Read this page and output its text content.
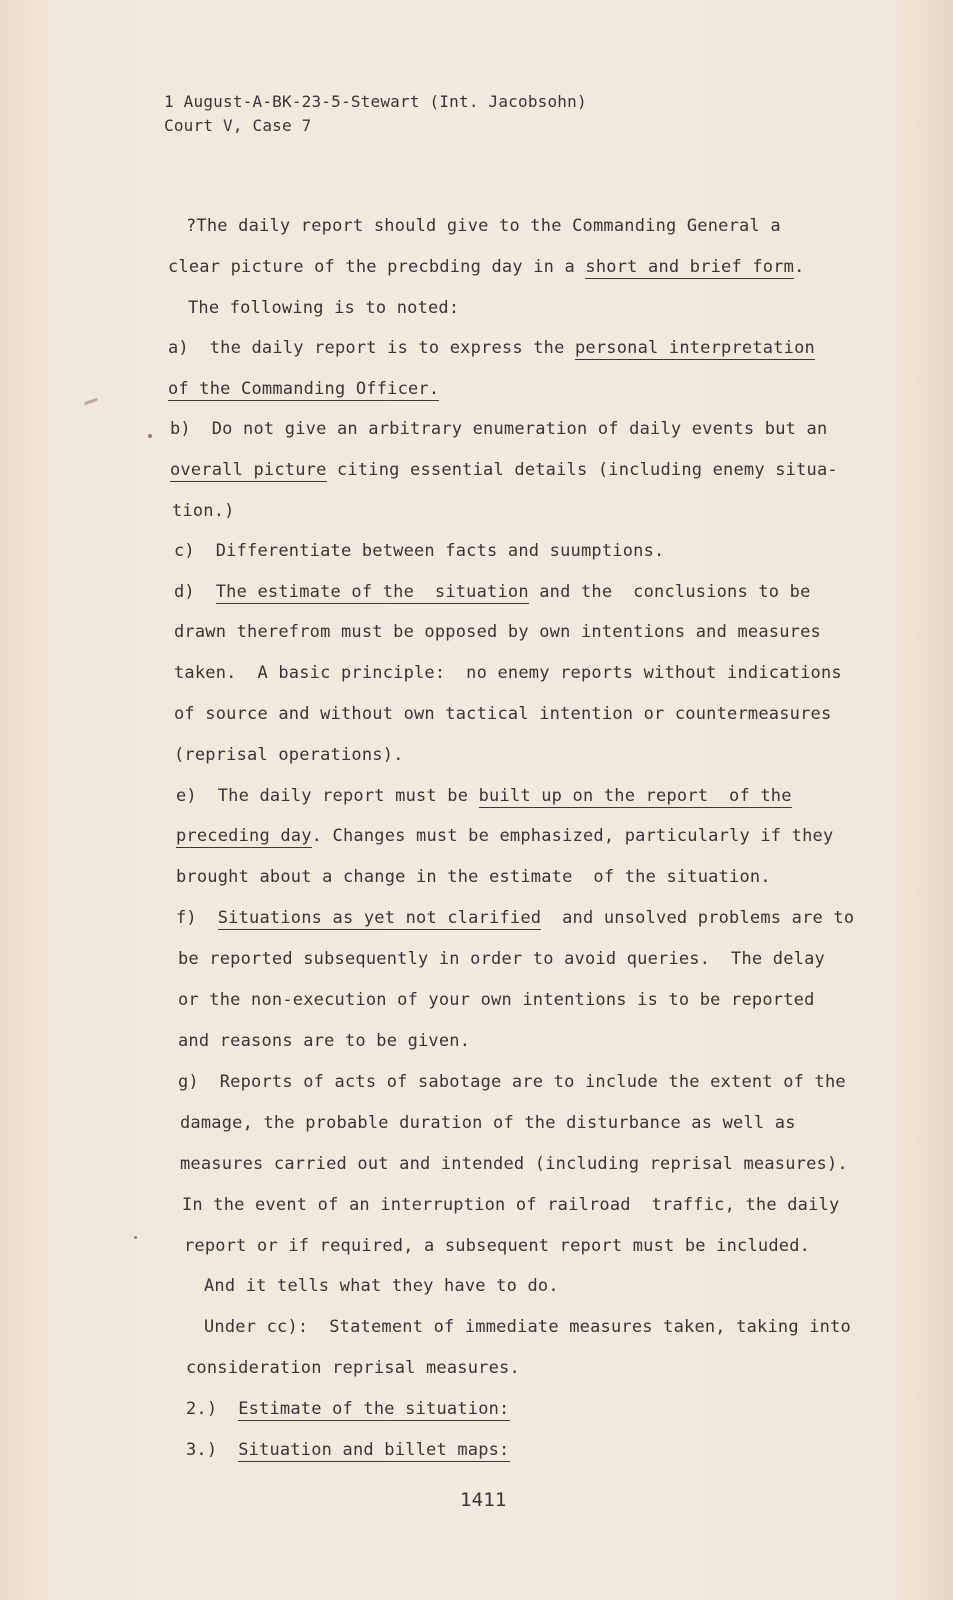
1 August-A-BK-23-5-Stewart (Int. Jacobsohn)
Court V, Case 7
?The daily report should give to the Commanding General a
clear picture of the precbding day in a short and brief form.
The following is to noted:
a)  the daily report is to express the personal interpretation
of the Commanding Officer.
b)  Do not give an arbitrary enumeration of daily events but an
overall picture citing essential details (including enemy situa-
tion.)
c)  Differentiate between facts and suumptions.
d)  The estimate of the  situation and the  conclusions to be
drawn therefrom must be opposed by own intentions and measures
taken.  A basic principle:  no enemy reports without indications
of source and without own tactical intention or countermeasures
(reprisal operations).
e)  The daily report must be built up on the report  of the
preceding day. Changes must be emphasized, particularly if they
brought about a change in the estimate  of the situation.
f)  Situations as yet not clarified  and unsolved problems are to
be reported subsequently in order to avoid queries.  The delay
or the non-execution of your own intentions is to be reported
and reasons are to be given.
g)  Reports of acts of sabotage are to include the extent of the
damage, the probable duration of the disturbance as well as
measures carried out and intended (including reprisal measures).
In the event of an interruption of railroad  traffic, the daily
report or if required, a subsequent report must be included.
And it tells what they have to do.
Under cc):  Statement of immediate measures taken, taking into
consideration reprisal measures.
2.)  Estimate of the situation:
3.)  Situation and billet maps:
1411
